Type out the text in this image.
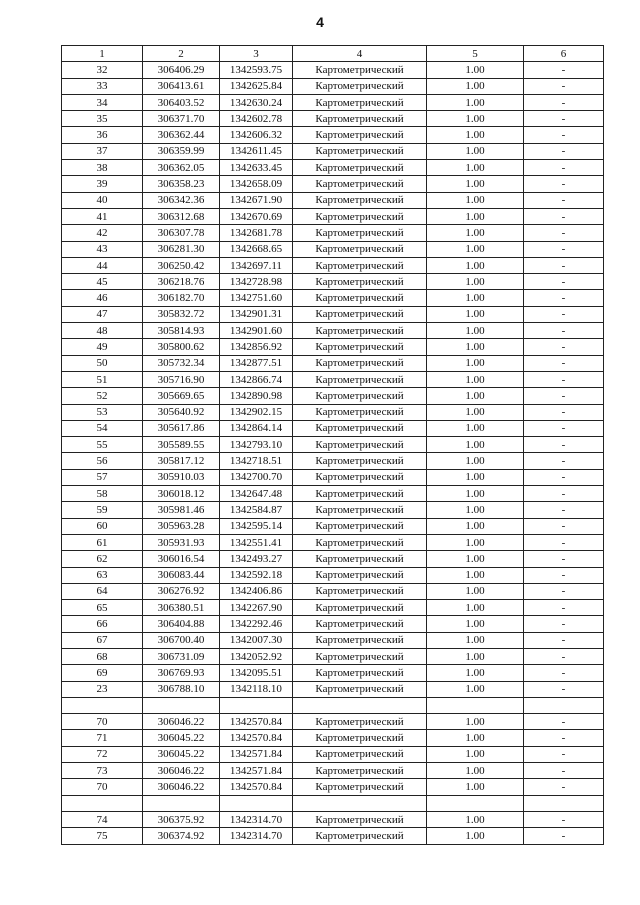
4
1	2	3	4	5	6
32	306406.29	1342593.75	Картометрический	1.00	-
33	306413.61	1342625.84	Картометрический	1.00	-
34	306403.52	1342630.24	Картометрический	1.00	-
35	306371.70	1342602.78	Картометрический	1.00	-
36	306362.44	1342606.32	Картометрический	1.00	-
37	306359.99	1342611.45	Картометрический	1.00	-
38	306362.05	1342633.45	Картометрический	1.00	-
39	306358.23	1342658.09	Картометрический	1.00	-
40	306342.36	1342671.90	Картометрический	1.00	-
41	306312.68	1342670.69	Картометрический	1.00	-
42	306307.78	1342681.78	Картометрический	1.00	-
43	306281.30	1342668.65	Картометрический	1.00	-
44	306250.42	1342697.11	Картометрический	1.00	-
45	306218.76	1342728.98	Картометрический	1.00	-
46	306182.70	1342751.60	Картометрический	1.00	-
47	305832.72	1342901.31	Картометрический	1.00	-
48	305814.93	1342901.60	Картометрический	1.00	-
49	305800.62	1342856.92	Картометрический	1.00	-
50	305732.34	1342877.51	Картометрический	1.00	-
51	305716.90	1342866.74	Картометрический	1.00	-
52	305669.65	1342890.98	Картометрический	1.00	-
53	305640.92	1342902.15	Картометрический	1.00	-
54	305617.86	1342864.14	Картометрический	1.00	-
55	305589.55	1342793.10	Картометрический	1.00	-
56	305817.12	1342718.51	Картометрический	1.00	-
57	305910.03	1342700.70	Картометрический	1.00	-
58	306018.12	1342647.48	Картометрический	1.00	-
59	305981.46	1342584.87	Картометрический	1.00	-
60	305963.28	1342595.14	Картометрический	1.00	-
61	305931.93	1342551.41	Картометрический	1.00	-
62	306016.54	1342493.27	Картометрический	1.00	-
63	306083.44	1342592.18	Картометрический	1.00	-
64	306276.92	1342406.86	Картометрический	1.00	-
65	306380.51	1342267.90	Картометрический	1.00	-
66	306404.88	1342292.46	Картометрический	1.00	-
67	306700.40	1342007.30	Картометрический	1.00	-
68	306731.09	1342052.92	Картометрический	1.00	-
69	306769.93	1342095.51	Картометрический	1.00	-
23	306788.10	1342118.10	Картометрический	1.00	-

70	306046.22	1342570.84	Картометрический	1.00	-
71	306045.22	1342570.84	Картометрический	1.00	-
72	306045.22	1342571.84	Картометрический	1.00	-
73	306046.22	1342571.84	Картометрический	1.00	-
70	306046.22	1342570.84	Картометрический	1.00	-

74	306375.92	1342314.70	Картометрический	1.00	-
75	306374.92	1342314.70	Картометрический	1.00	-
